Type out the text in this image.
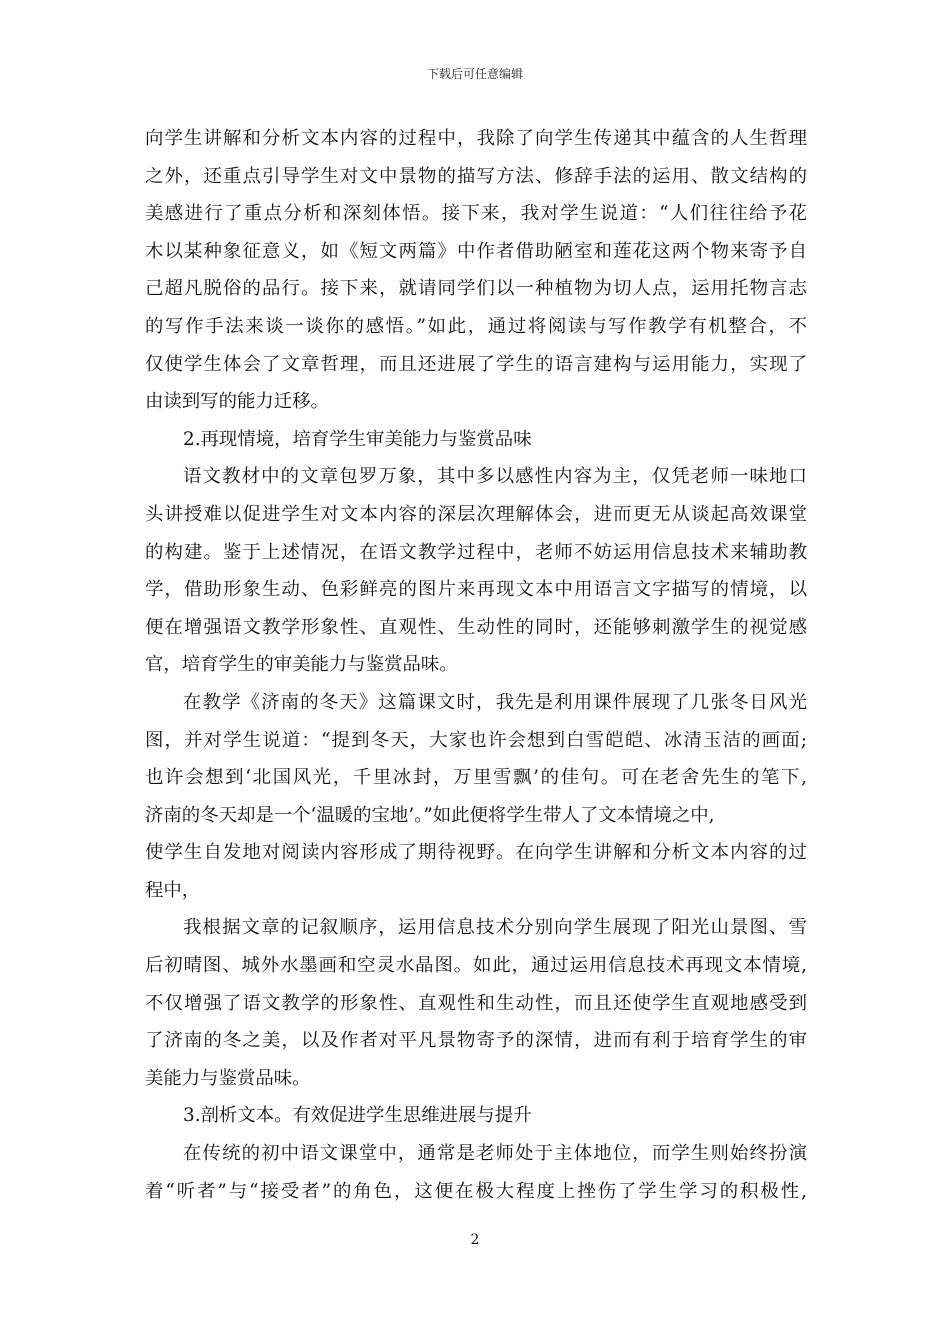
下载后可任意编辑
向学生讲解和分析文本内容的过程中，我除了向学生传递其中蕴含的人生哲理
之外，还重点引导学生对文中景物的描写方法、修辞手法的运用、散文结构的
美感进行了重点分析和深刻体悟。接下来，我对学生说道：“人们往往给予花
木以某种象征意义，如《短文两篇》中作者借助陋室和莲花这两个物来寄予自
己超凡脱俗的品行。接下来，就请同学们以一种植物为切人点，运用托物言志
的写作手法来谈一谈你的感悟。”如此，通过将阅读与写作教学有机整合，不
仅使学生体会了文章哲理，而且还进展了学生的语言建构与运用能力，实现了
由读到写的能力迁移。
2.再现情境，培育学生审美能力与鉴赏品味
语文教材中的文章包罗万象，其中多以感性内容为主，仅凭老师一味地口
头讲授难以促进学生对文本内容的深层次理解体会，进而更无从谈起高效课堂
的构建。鉴于上述情况，在语文教学过程中，老师不妨运用信息技术来辅助教
学，借助形象生动、色彩鲜亮的图片来再现文本中用语言文字描写的情境，以
便在增强语文教学形象性、直观性、生动性的同时，还能够刺激学生的视觉感
官，培育学生的审美能力与鉴赏品味。
在教学《济南的冬天》这篇课文时，我先是利用课件展现了几张冬日风光
图，并对学生说道：“提到冬天，大家也许会想到白雪皑皑、冰清玉洁的画面;
也许会想到‘北国风光，千里冰封，万里雪飘’的佳句。可在老舍先生的笔下,
济南的冬天却是一个‘温暖的宝地’。”如此便将学生带人了文本情境之中,
使学生自发地对阅读内容形成了期待视野。在向学生讲解和分析文本内容的过
程中，
我根据文章的记叙顺序，运用信息技术分别向学生展现了阳光山景图、雪
后初晴图、城外水墨画和空灵水晶图。如此，通过运用信息技术再现文本情境,
不仅增强了语文教学的形象性、直观性和生动性，而且还使学生直观地感受到
了济南的冬之美，以及作者对平凡景物寄予的深情，进而有利于培育学生的审
美能力与鉴赏品味。
3.剖析文本。有效促进学生思维进展与提升
在传统的初中语文课堂中，通常是老师处于主体地位，而学生则始终扮演
着“听者”与“接受者”的角色，这便在极大程度上挫伤了学生学习的积极性,
2
